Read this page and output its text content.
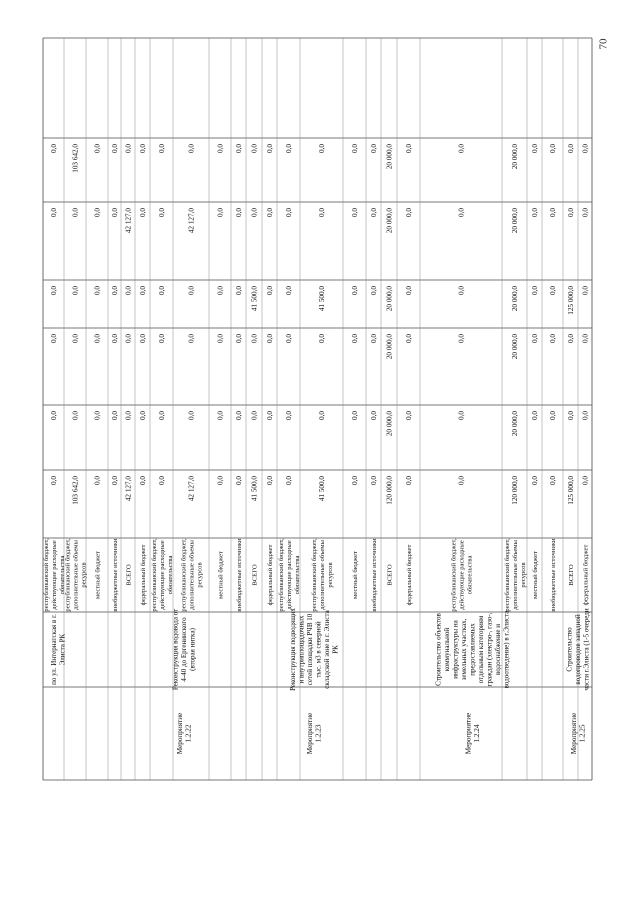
70
республиканский бюджет, действующие расходные обязательства
0,0
0,0
0,0
0,0
0,0
0,0
республиканский бюджет, дополнительные объемы ресурсов
103 642,0
0,0
0,0
0,0
0,0
103 642,0
местный бюджет
0,0
0,0
0,0
0,0
0,0
0,0
внебюджетные источники
0,0
0,0
0,0
0,0
0,0
0,0
ВСЕГО
42 127,0
0,0
0,0
0,0
42 127,0
0,0
федеральный бюджет
0,0
0,0
0,0
0,0
0,0
0,0
республиканский бюджет, действующие расходные обязательства
0,0
0,0
0,0
0,0
0,0
0,0
республиканский бюджет, дополнительные объемы ресурсов
42 127,0
0,0
0,0
0,0
42 127,0
0,0
местный бюджет
0,0
0,0
0,0
0,0
0,0
0,0
внебюджетные источники
0,0
0,0
0,0
0,0
0,0
0,0
ВСЕГО
41 500,0
0,0
0,0
41 500,0
0,0
0,0
федеральный бюджет
0,0
0,0
0,0
0,0
0,0
0,0
республиканский бюджет, действующие расходные обязательства
0,0
0,0
0,0
0,0
0,0
0,0
республиканский бюджет, дополнительные объемы ресурсов
41 500,0
0,0
0,0
41 500,0
0,0
0,0
местный бюджет
0,0
0,0
0,0
0,0
0,0
0,0
внебюджетные источники
0,0
0,0
0,0
0,0
0,0
0,0
ВСЕГО
120 000,0
20 000,0
20 000,0
20 000,0
20 000,0
20 000,0
федеральный бюджет
0,0
0,0
0,0
0,0
0,0
0,0
республиканский бюджет, действующие расходные обязательства
0,0
0,0
0,0
0,0
0,0
0,0
республиканский бюджет, дополнительные объемы ресурсов
120 000,0
20 000,0
20 000,0
20 000,0
20 000,0
20 000,0
местный бюджет
0,0
0,0
0,0
0,0
0,0
0,0
внебюджетные источники
0,0
0,0
0,0
0,0
0,0
0,0
ВСЕГО
125 000,0
0,0
0,0
125 000,0
0,0
0,0
федеральный бюджет
0,0
0,0
0,0
0,0
0,0
0,0
по ул. Интернатская в г. Элиста РК	Реконструкция водовода от 4-40 до Ергенинского (вторая нитка)
Мероприятие 1.2.22
Реконструкция подводящих и внутриплощадочных сетей площадки РЧВ 10 тыс. м3 в северной складской зоне в г. Элиста РК
Мероприятие 1.2.23
Строительство объектов коммунальной инфраструктуры на земельных участках, предоставляемых отдельным категориям граждан (электро-, газо-, водоснабжение и водоотведение) в г.Элиста
Мероприятие 1.2.24
Строительство водопроводов западной части г.Элиста (1-5 очереди
Мероприятие 1.2.25
